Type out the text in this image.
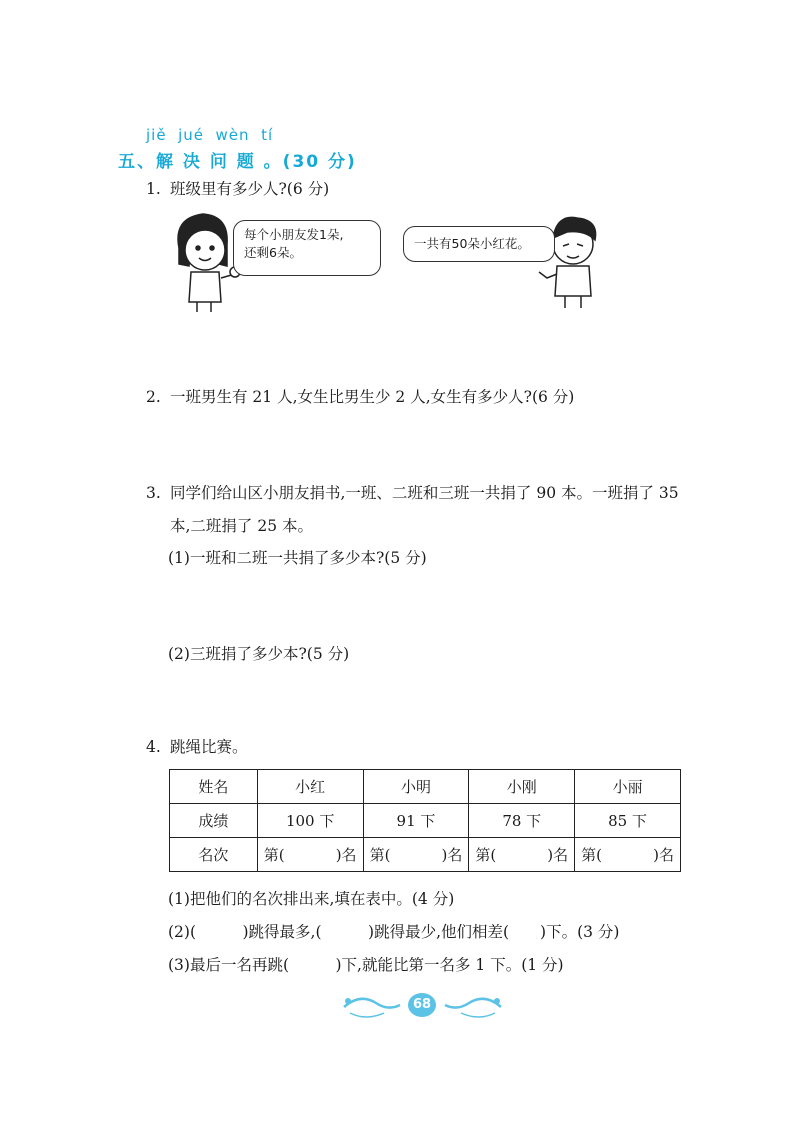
jiě  jué  wèn  tí
五、解 决 问 题 。(30 分)
1. 班级里有多少人?(6 分)
每个小朋友发1朵,
还剩6朵。
一共有50朵小红花。
2. 一班男生有 21 人,女生比男生少 2 人,女生有多少人?(6 分)
3. 同学们给山区小朋友捐书,一班、二班和三班一共捐了 90 本。一班捐了 35
本,二班捐了 25 本。
(1)一班和二班一共捐了多少本?(5 分)
(2)三班捐了多少本?(5 分)
4. 跳绳比赛。
姓名	小红	小明	小刚	小丽
成绩	100 下	91 下	78 下	85 下
名次	第( )名	第( )名	第( )名	第( )名
(1)把他们的名次排出来,填在表中。(4 分)
(2)(　　　)跳得最多,(　　　)跳得最少,他们相差(　　)下。(3 分)
(3)最后一名再跳(　　　)下,就能比第一名多 1 下。(1 分)
68
